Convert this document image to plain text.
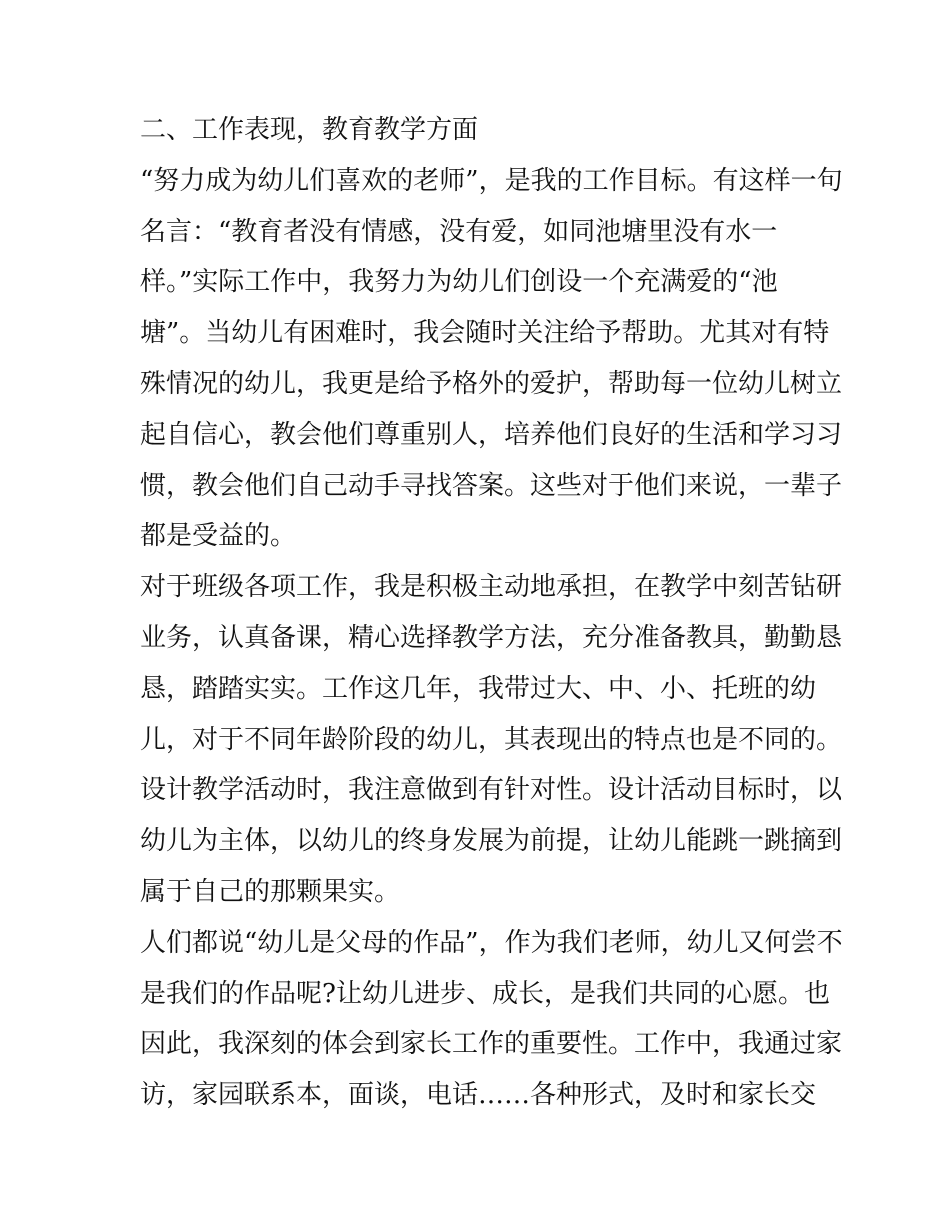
二、工作表现，教育教学方面
“努力成为幼儿们喜欢的老师”，是我的工作目标。有这样一句
名言：“教育者没有情感，没有爱，如同池塘里没有水一
样。”实际工作中，我努力为幼儿们创设一个充满爱的“池
塘”。当幼儿有困难时，我会随时关注给予帮助。尤其对有特
殊情况的幼儿，我更是给予格外的爱护，帮助每一位幼儿树立
起自信心，教会他们尊重别人，培养他们良好的生活和学习习
惯，教会他们自己动手寻找答案。这些对于他们来说，一辈子
都是受益的。
对于班级各项工作，我是积极主动地承担，在教学中刻苦钻研
业务，认真备课，精心选择教学方法，充分准备教具，勤勤恳
恳，踏踏实实。工作这几年，我带过大、中、小、托班的幼
儿，对于不同年龄阶段的幼儿，其表现出的特点也是不同的。
设计教学活动时，我注意做到有针对性。设计活动目标时，以
幼儿为主体，以幼儿的终身发展为前提，让幼儿能跳一跳摘到
属于自己的那颗果实。
人们都说“幼儿是父母的作品”，作为我们老师，幼儿又何尝不
是我们的作品呢?让幼儿进步、成长，是我们共同的心愿。也
因此，我深刻的体会到家长工作的重要性。工作中，我通过家
访，家园联系本，面谈，电话……各种形式，及时和家长交
